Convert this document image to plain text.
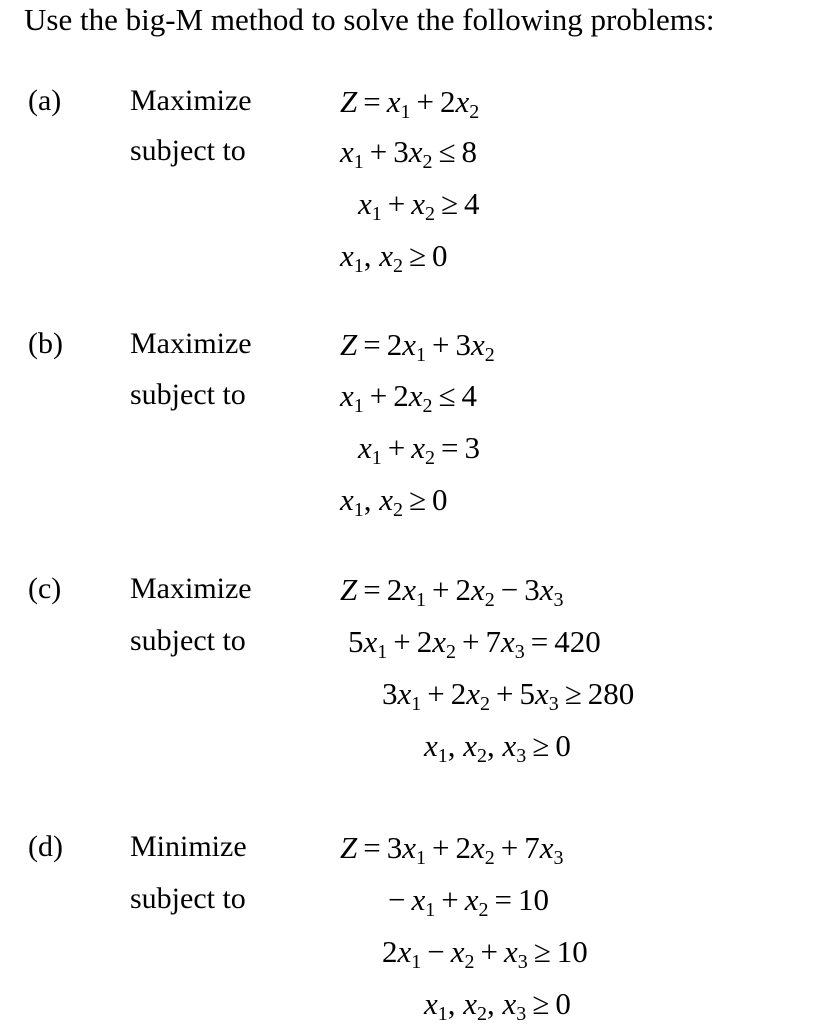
Use the big-M method to solve the following problems:
(a) Maximize
subject to
$Z = x_1 + 2x_2$
$x_1 + 3x_2 \le 8$
$x_1 + x_2 \ge 4$
$x_1$, $x_2 \ge 0$
(b) Maximize
subject to
$Z = 2x_1 + 3x_2$
$x_1 + 2x_2 \le 4$
$x_1 + x_2 = 3$
$x_1$, $x_2 \ge 0$
(c) Maximize
subject to
$Z = 2x_1 + 2x_2 - 3x_3$
$5x_1 + 2x_2 + 7x_3 = 420$
$3x_1 + 2x_2 + 5x_3 \ge 280$
$x_1$, $x_2$, $x_3 \ge 0$
(d) Minimize
subject to
$Z = 3x_1 + 2x_2 + 7x_3$
− $x_1 + x_2 = 10$
$2x_1 - x_2 + x_3 \ge 10$
$x_1$, $x_2$, $x_3 \ge 0$
